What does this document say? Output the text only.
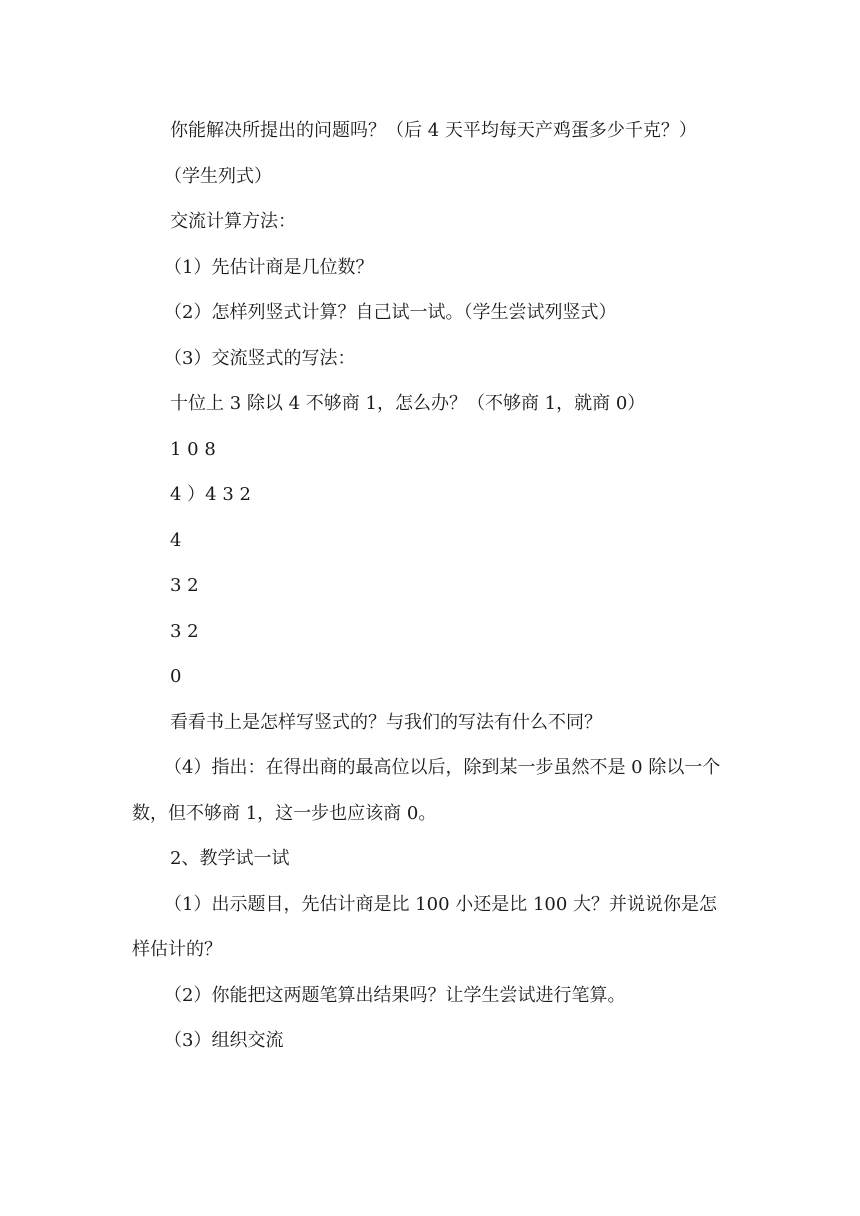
你能解决所提出的问题吗？（后 4 天平均每天产鸡蛋多少千克？）

（学生列式）

交流计算方法：

（1）先估计商是几位数？

（2）怎样列竖式计算？自己试一试。（学生尝试列竖式）

（3）交流竖式的写法：

十位上 3 除以 4 不够商 1，怎么办？（不够商 1，就商 0）

1 0 8

4 ）4 3 2

4

3 2

3 2

0

看看书上是怎样写竖式的？与我们的写法有什么不同？

（4）指出：在得出商的最高位以后，除到某一步虽然不是 0 除以一个数，但不够商 1，这一步也应该商 0。

2、教学试一试

（1）出示题目，先估计商是比 100 小还是比 100 大？并说说你是怎样估计的？

（2）你能把这两题笔算出结果吗？让学生尝试进行笔算。

（3）组织交流
